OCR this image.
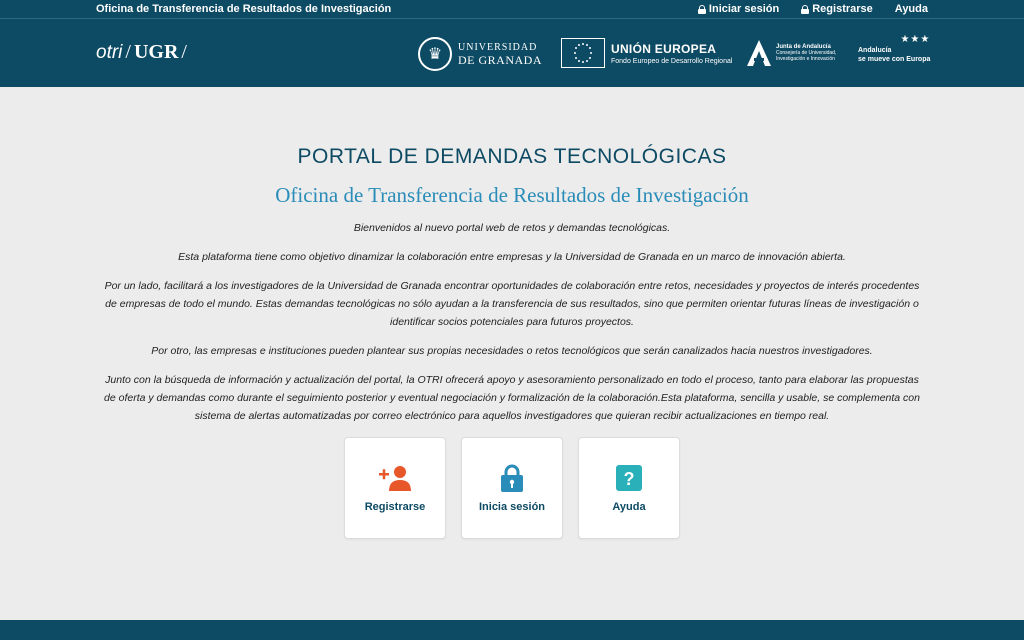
Oficina de Transferencia de Resultados de Investigación	Iniciar sesión	Registrarse Ayuda
otri / UGR /	♛	UNIVERSIDAD
DE GRANADA
UNIÓN EUROPEA
Fondo Europeo de Desarrollo Regional
Junta de Andalucía
Consejería de Universidad,
Investigación e Innovación
★★★
Andalucía
se mueve con Europa
PORTAL DE DEMANDAS TECNOLÓGICAS
Oficina de Transferencia de Resultados de Investigación

Bienvenidos al nuevo portal web de retos y demandas tecnológicas.

Esta plataforma tiene como objetivo dinamizar la colaboración entre empresas y la Universidad de Granada en un marco de innovación abierta.

Por un lado, facilitará a los investigadores de la Universidad de Granada encontrar oportunidades de colaboración entre retos, necesidades y proyectos de interés procedentes de empresas de todo el mundo. Estas demandas tecnológicas no sólo ayudan a la transferencia de sus resultados, sino que permiten orientar futuras líneas de investigación o identificar socios potenciales para futuros proyectos.

Por otro, las empresas e instituciones pueden plantear sus propias necesidades o retos tecnológicos que serán canalizados hacia nuestros investigadores.

Junto con la búsqueda de información y actualización del portal, la OTRI ofrecerá apoyo y asesoramiento personalizado en todo el proceso, tanto para elaborar las propuestas de oferta y demandas como durante el seguimiento posterior y eventual negociación y formalización de la colaboración.Esta plataforma, sencilla y usable, se complementa con sistema de alertas automatizadas por correo electrónico para aquellos investigadores que quieran recibir actualizaciones en tiempo real.

Registrarse	Inicia sesión
?
Ayuda
